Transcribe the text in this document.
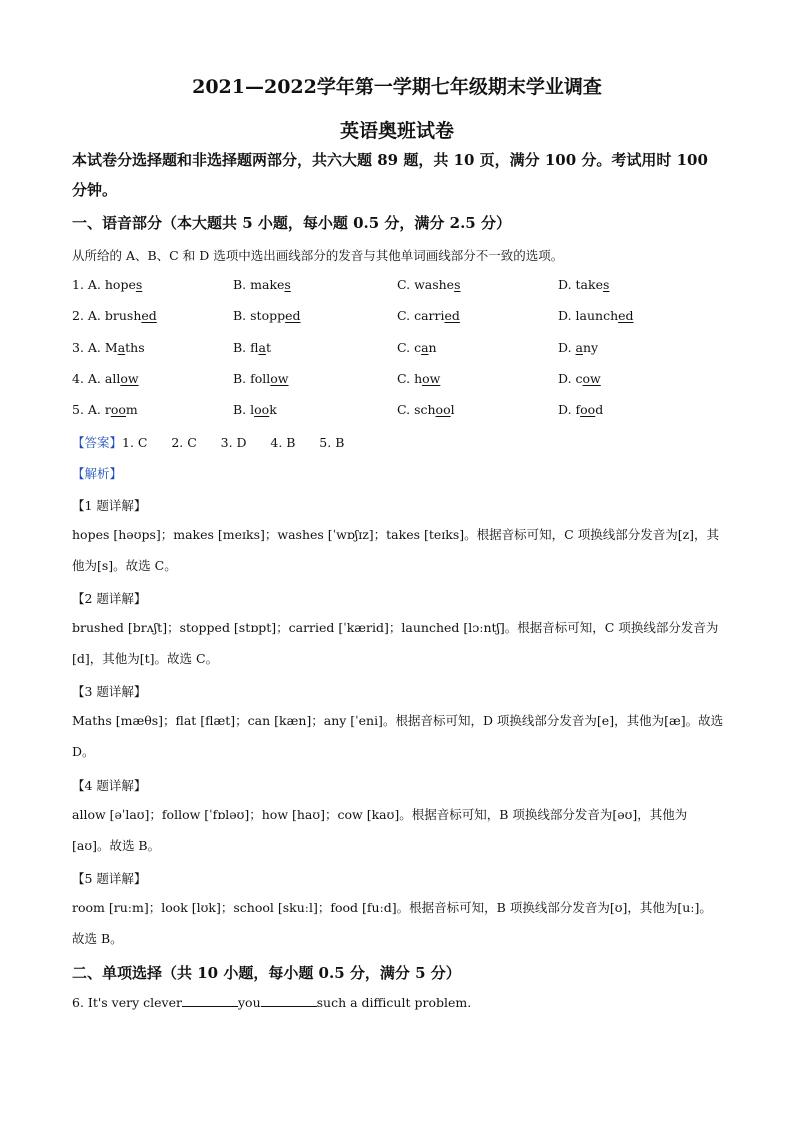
2021—2022学年第一学期七年级期末学业调查
英语奥班试卷
本试卷分选择题和非选择题两部分，共六大题 89 题，共 10 页，满分 100 分。考试用时 100 分钟。
一、语音部分（本大题共 5 小题，每小题 0.5 分，满分 2.5 分）
从所给的 A、B、C 和 D 选项中选出画线部分的发音与其他单词画线部分不一致的选项。
1. A. hopes	B. makes	C. washes	D. takes
2. A. brushed	B. stopped	C. carried	D. launched
3. A. Maths	B. flat	C. can	D. any
4. A. allow	B. follow	C. how	D. cow
5. A. room	B. look	C. school	D. food
【答案】1. C      2. C      3. D      4. B      5. B
【解析】
【1 题详解】
hopes [həʊps]；makes [meɪks]；washes [ˈwɒʃɪz]；takes [teɪks]。根据音标可知，C 项换线部分发音为[z]，其他为[s]。故选 C。
【2 题详解】
brushed [brʌʃt]；stopped [stɒpt]；carried [ˈkærid]；launched [lɔːntʃ]。根据音标可知，C 项换线部分发音为[d]，其他为[t]。故选 C。
【3 题详解】
Maths [mæθs]；flat [flæt]；can [kæn]；any [ˈeni]。根据音标可知，D 项换线部分发音为[e]，其他为[æ]。故选 D。
【4 题详解】
allow [əˈlaʊ]；follow [ˈfɒləʊ]；how [haʊ]；cow [kaʊ]。根据音标可知，B 项换线部分发音为[əʊ]，其他为[aʊ]。故选 B。
【5 题详解】
room [ruːm]；look [lʊk]；school [skuːl]；food [fuːd]。根据音标可知，B 项换线部分发音为[ʊ]，其他为[uː]。故选 B。
二、单项选择（共 10 小题，每小题 0.5 分，满分 5 分）
6. It's very clever	you	such a difficult problem.
